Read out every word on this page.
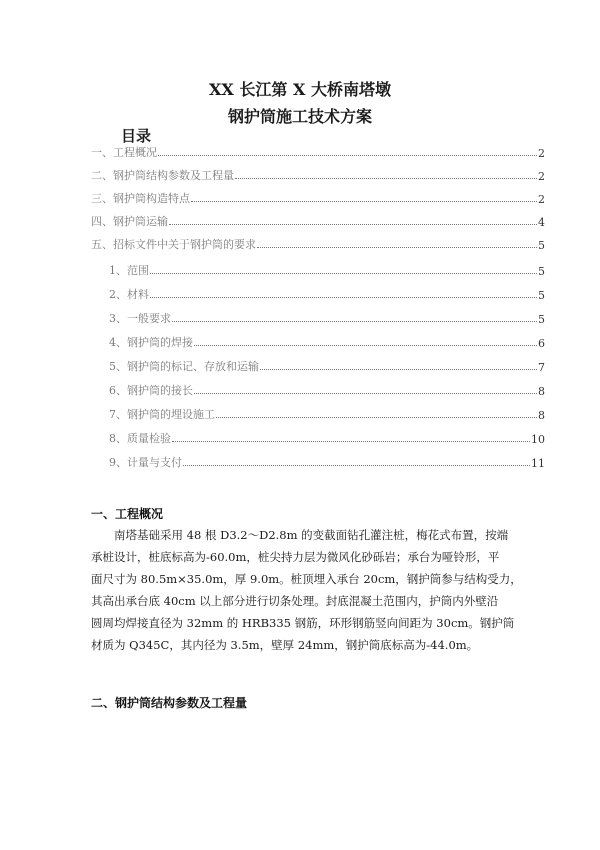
XX 长江第 X 大桥南塔墩
钢护筒施工技术方案
目录
一、工程概况	2
二、钢护筒结构参数及工程量	2
三、钢护筒构造特点	2
四、钢护筒运输	4
五、招标文件中关于钢护筒的要求	5
1、范围	5
2、材料	5
3、一般要求	5
4、钢护筒的焊接	6
5、钢护筒的标记、存放和运输	7
6、钢护筒的接长	8
7、钢护筒的埋设施工	8
8、质量检验	10
9、计量与支付	11
一、工程概况
南塔基础采用 48 根 D3.2～D2.8m 的变截面钻孔灌注桩，梅花式布置，按端
承桩设计，桩底标高为-60.0m，桩尖持力层为微风化砂砾岩；承台为哑铃形，平
面尺寸为 80.5m×35.0m，厚 9.0m。桩顶埋入承台 20cm，钢护筒参与结构受力，
其高出承台底 40cm 以上部分进行切条处理。封底混凝土范围内，护筒内外壁沿
圆周均焊接直径为 32mm 的 HRB335 钢筋，环形钢筋竖向间距为 30cm。钢护筒
材质为 Q345C，其内径为 3.5m，壁厚 24mm，钢护筒底标高为-44.0m。
二、钢护筒结构参数及工程量
